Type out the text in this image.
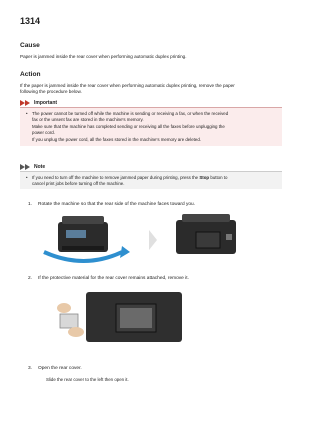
1314
Cause
Paper is jammed inside the rear cover when performing automatic duplex printing.
Action
If the paper is jammed inside the rear cover when performing automatic duplex printing, remove the paper
following the procedure below.
Important
•	The power cannot be turned off while the machine is sending or receiving a fax, or when the received
fax or the unsent fax are stored in the machine's memory.
Make sure that the machine has completed sending or receiving all the faxes before unplugging the
power cord.
If you unplug the power cord, all the faxes stored in the machine's memory are deleted.
Note
•	If you need to turn off the machine to remove jammed paper during printing, press the Stop button to
cancel print jobs before turning off the machine.
1. Rotate the machine so that the rear side of the machine faces toward you.
2. If the protective material for the rear cover remains attached, remove it.
3. Open the rear cover.
Slide the rear cover to the left then open it.
